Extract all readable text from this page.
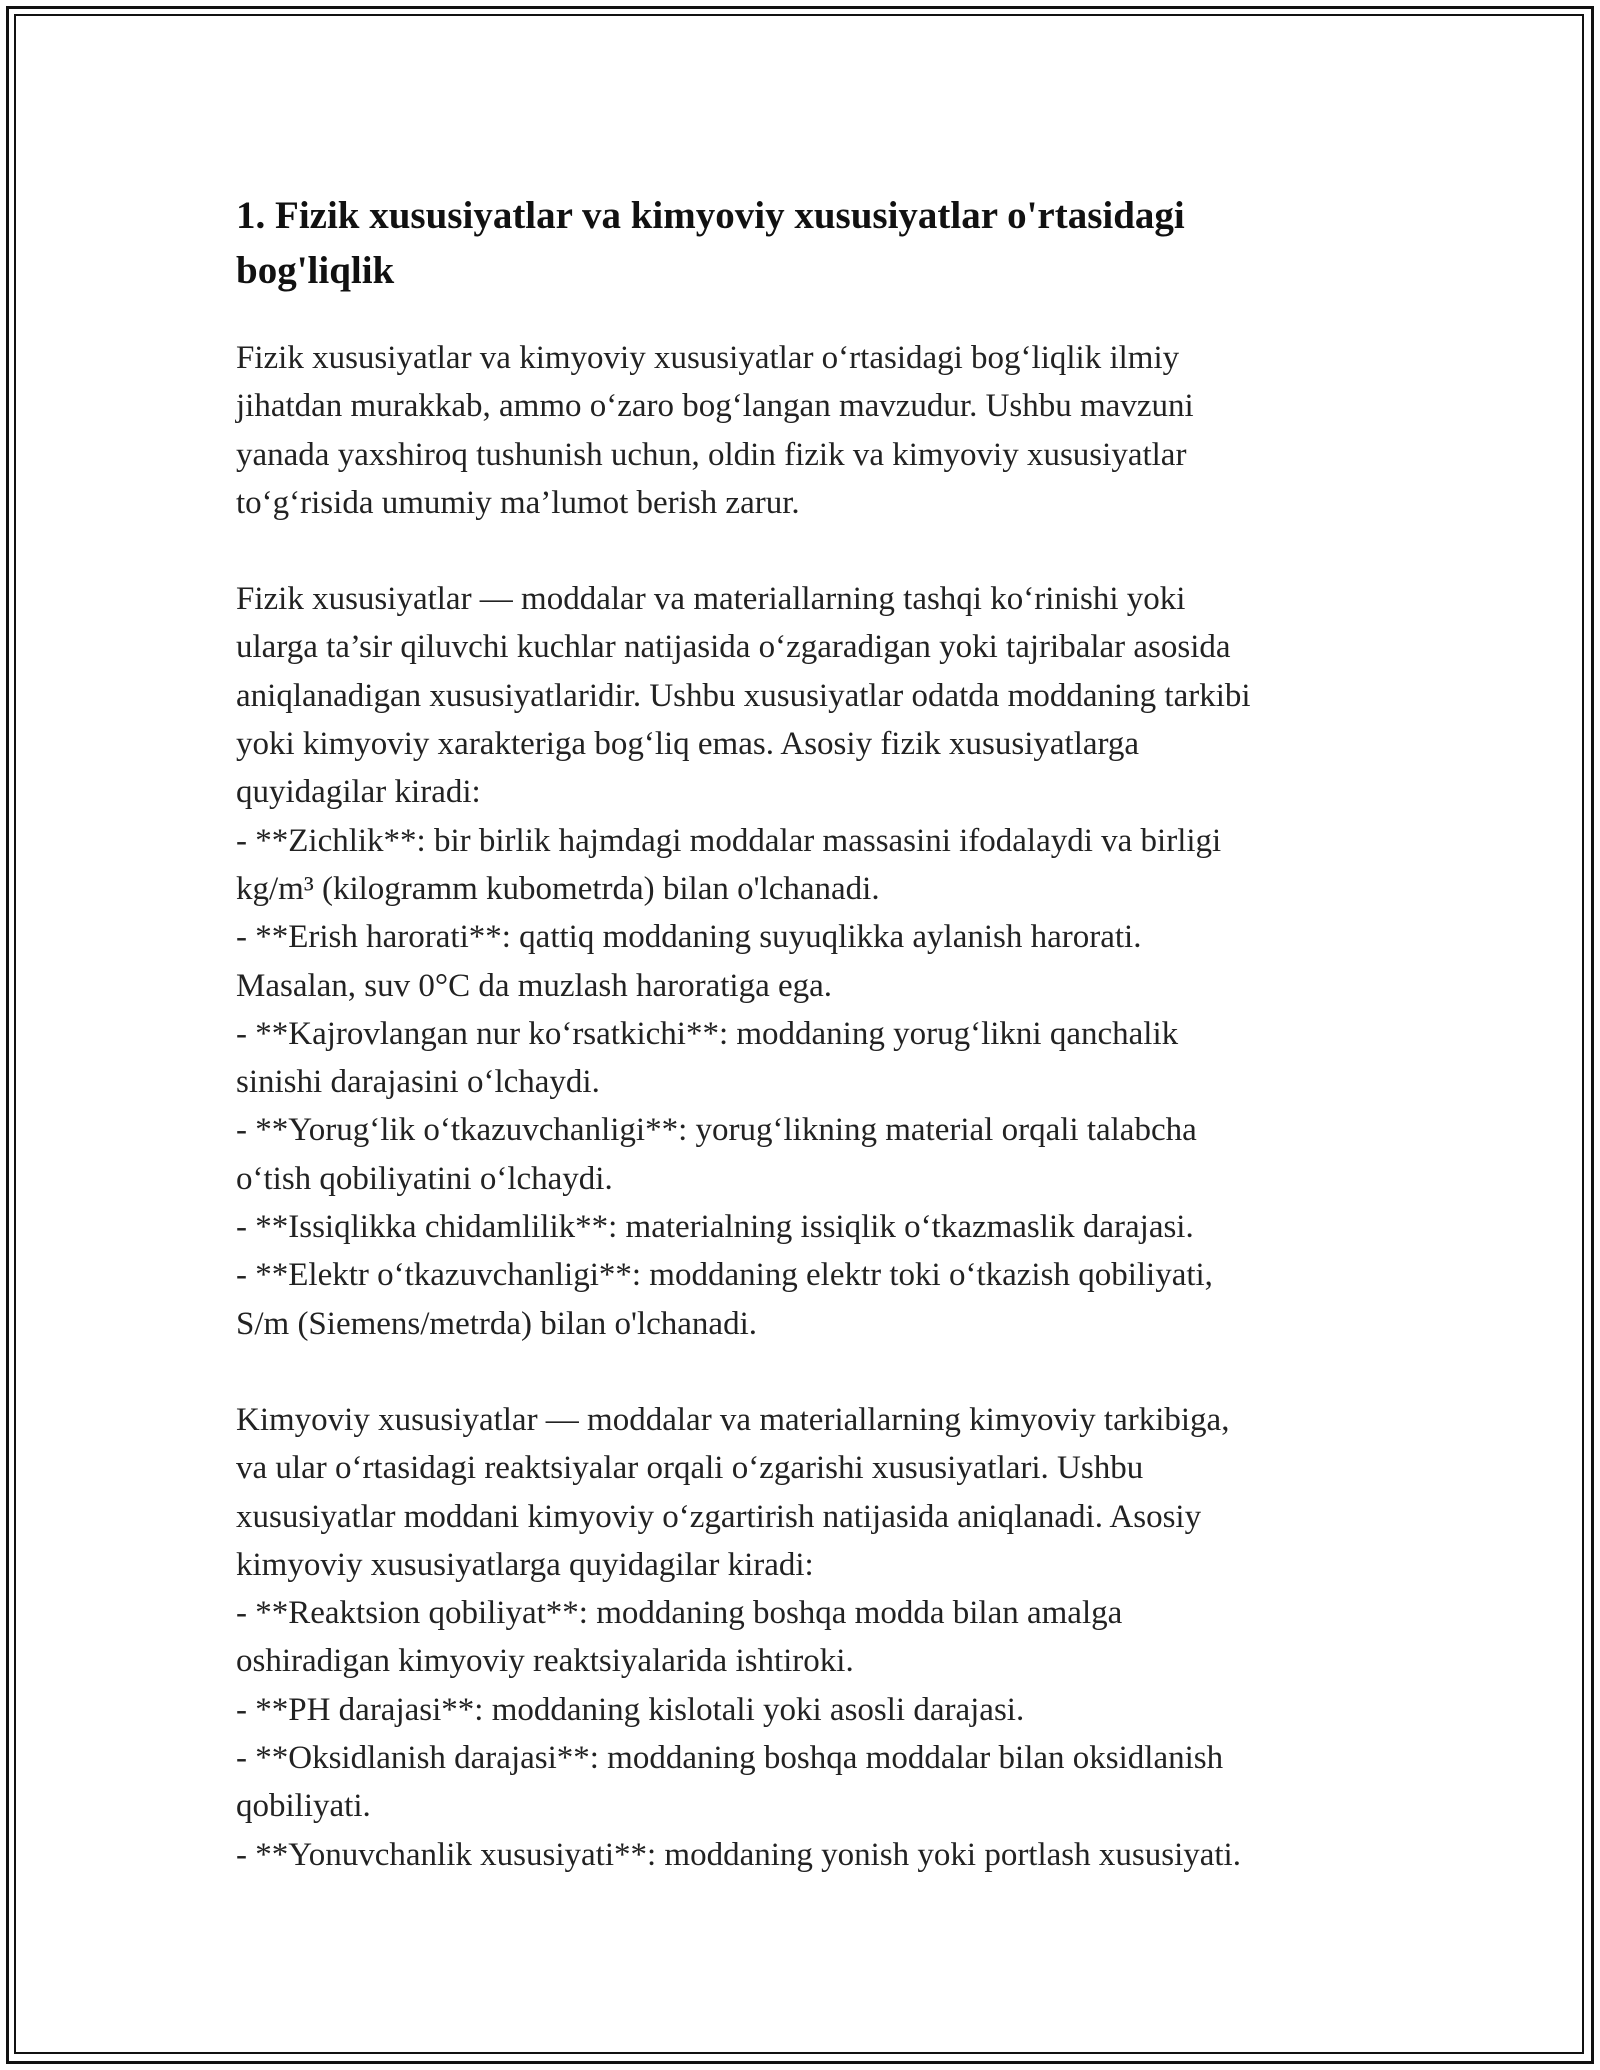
1. Fizik xususiyatlar va kimyoviy xususiyatlar o'rtasidagi
bog'liqlik

Fizik xususiyatlar va kimyoviy xususiyatlar o‘rtasidagi bog‘liqlik ilmiy
jihatdan murakkab, ammo o‘zaro bog‘langan mavzudur. Ushbu mavzuni
yanada yaxshiroq tushunish uchun, oldin fizik va kimyoviy xususiyatlar
to‘g‘risida umumiy ma’lumot berish zarur.

Fizik xususiyatlar — moddalar va materiallarning tashqi ko‘rinishi yoki
ularga ta’sir qiluvchi kuchlar natijasida o‘zgaradigan yoki tajribalar asosida
aniqlanadigan xususiyatlaridir. Ushbu xususiyatlar odatda moddaning tarkibi
yoki kimyoviy xarakteriga bog‘liq emas. Asosiy fizik xususiyatlarga
quyidagilar kiradi:
- **Zichlik**: bir birlik hajmdagi moddalar massasini ifodalaydi va birligi
kg/m³ (kilogramm kubometrda) bilan o'lchanadi.
- **Erish harorati**: qattiq moddaning suyuqlikka aylanish harorati.
Masalan, suv 0°C da muzlash haroratiga ega.
- **Kajrovlangan nur ko‘rsatkichi**: moddaning yorug‘likni qanchalik
sinishi darajasini o‘lchaydi.
- **Yorug‘lik o‘tkazuvchanligi**: yorug‘likning material orqali talabcha
o‘tish qobiliyatini o‘lchaydi.
- **Issiqlikka chidamlilik**: materialning issiqlik o‘tkazmaslik darajasi.
- **Elektr o‘tkazuvchanligi**: moddaning elektr toki o‘tkazish qobiliyati,
S/m (Siemens/metrda) bilan o'lchanadi.

Kimyoviy xususiyatlar — moddalar va materiallarning kimyoviy tarkibiga,
va ular o‘rtasidagi reaktsiyalar orqali o‘zgarishi xususiyatlari. Ushbu
xususiyatlar moddani kimyoviy o‘zgartirish natijasida aniqlanadi. Asosiy
kimyoviy xususiyatlarga quyidagilar kiradi:
- **Reaktsion qobiliyat**: moddaning boshqa modda bilan amalga
oshiradigan kimyoviy reaktsiyalarida ishtiroki.
- **PH darajasi**: moddaning kislotali yoki asosli darajasi.
- **Oksidlanish darajasi**: moddaning boshqa moddalar bilan oksidlanish
qobiliyati.
- **Yonuvchanlik xususiyati**: moddaning yonish yoki portlash xususiyati.
